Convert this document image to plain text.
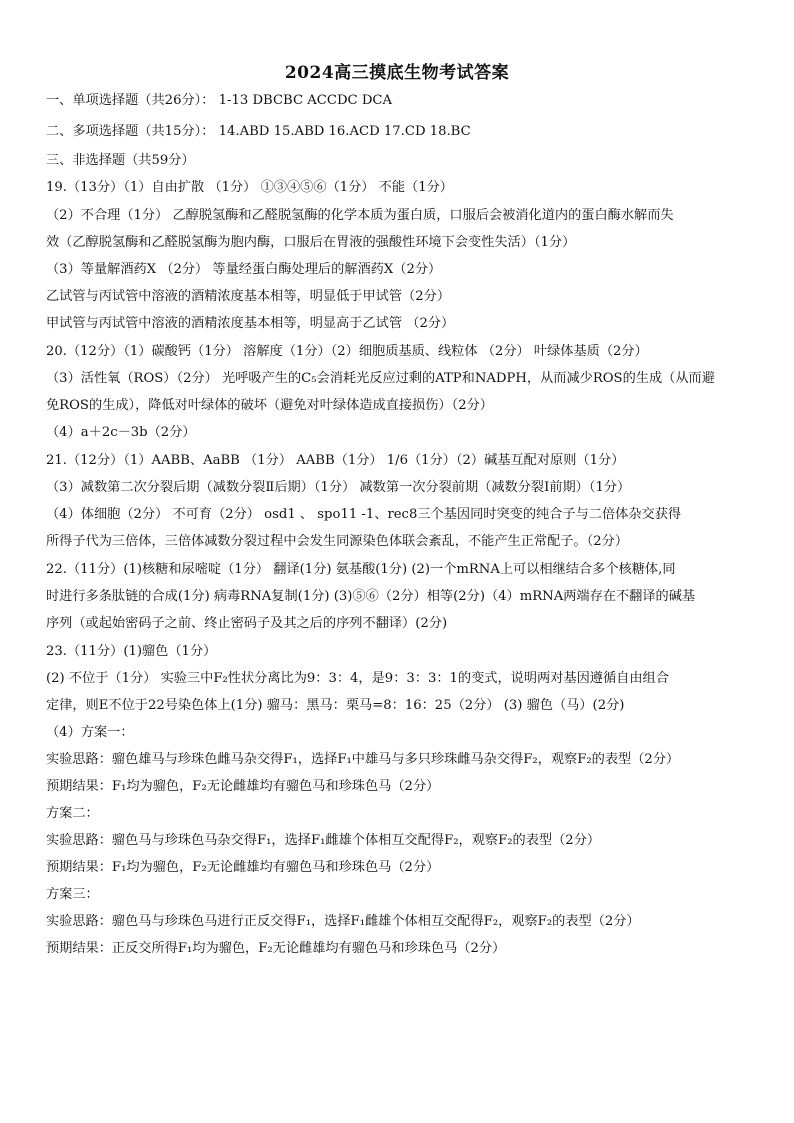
2024高三摸底生物考试答案
一、单项选择题（共26分）： 1-13 DBCBC ACCDC DCA
二、多项选择题（共15分）： 14.ABD 15.ABD 16.ACD 17.CD 18.BC
三、非选择题（共59分）
19.（13分）（1）自由扩散 （1分） ①③④⑤⑥（1分） 不能（1分）
（2）不合理（1分） 乙醇脱氢酶和乙醛脱氢酶的化学本质为蛋白质，口服后会被消化道内的蛋白酶水解而失
效（乙醇脱氢酶和乙醛脱氢酶为胞内酶，口服后在胃液的强酸性环境下会变性失活）（1分）
（3）等量解酒药X （2分） 等量经蛋白酶处理后的解酒药X（2分）
乙试管与丙试管中溶液的酒精浓度基本相等，明显低于甲试管（2分）
甲试管与丙试管中溶液的酒精浓度基本相等，明显高于乙试管 （2分）
20.（12分）（1）碳酸钙（1分） 溶解度（1分）（2）细胞质基质、线粒体 （2分） 叶绿体基质（2分）
（3）活性氧（ROS）（2分） 光呼吸产生的C₅会消耗光反应过剩的ATP和NADPH，从而减少ROS的生成（从而避
免ROS的生成），降低对叶绿体的破坏（避免对叶绿体造成直接损伤）（2分）
（4）a＋2c－3b（2分）
21.（12分）（1）AABB、AaBB （1分） AABB（1分） 1/6（1分）（2）碱基互配对原则（1分）
（3）减数第二次分裂后期（减数分裂Ⅱ后期）（1分） 减数第一次分裂前期（减数分裂Ⅰ前期）（1分）
（4）体细胞（2分） 不可育（2分） osd1 、 spo11 -1、rec8三个基因同时突变的纯合子与二倍体杂交获得
所得子代为三倍体，三倍体减数分裂过程中会发生同源染色体联会紊乱，不能产生正常配子。（2分）
22.（11分）(1)核糖和尿嘧啶（1分） 翻译(1分) 氨基酸(1分) (2)一个mRNA上可以相继结合多个核糖体,同
时进行多条肽链的合成(1分) 病毒RNA复制(1分) (3)⑤⑥（2分）相等(2分)（4）mRNA两端存在不翻译的碱基
序列（或起始密码子之前、终止密码子及其之后的序列不翻译）(2分)
23.（11分）(1)骝色（1分）
(2) 不位于（1分） 实验三中F₂性状分离比为9：3：4，是9：3：3：1的变式，说明两对基因遵循自由组合
定律，则E不位于22号染色体上(1分) 骝马：黑马：栗马=8：16：25（2分） (3) 骝色（马）(2分)
（4）方案一：
实验思路：骝色雄马与珍珠色雌马杂交得F₁，选择F₁中雄马与多只珍珠雌马杂交得F₂，观察F₂的表型（2分）
预期结果：F₁均为骝色，F₂无论雌雄均有骝色马和珍珠色马（2分）
方案二：
实验思路：骝色马与珍珠色马杂交得F₁，选择F₁雌雄个体相互交配得F₂，观察F₂的表型（2分）
预期结果：F₁均为骝色，F₂无论雌雄均有骝色马和珍珠色马（2分）
方案三：
实验思路：骝色马与珍珠色马进行正反交得F₁，选择F₁雌雄个体相互交配得F₂，观察F₂的表型（2分）
预期结果：正反交所得F₁均为骝色，F₂无论雌雄均有骝色马和珍珠色马（2分）
